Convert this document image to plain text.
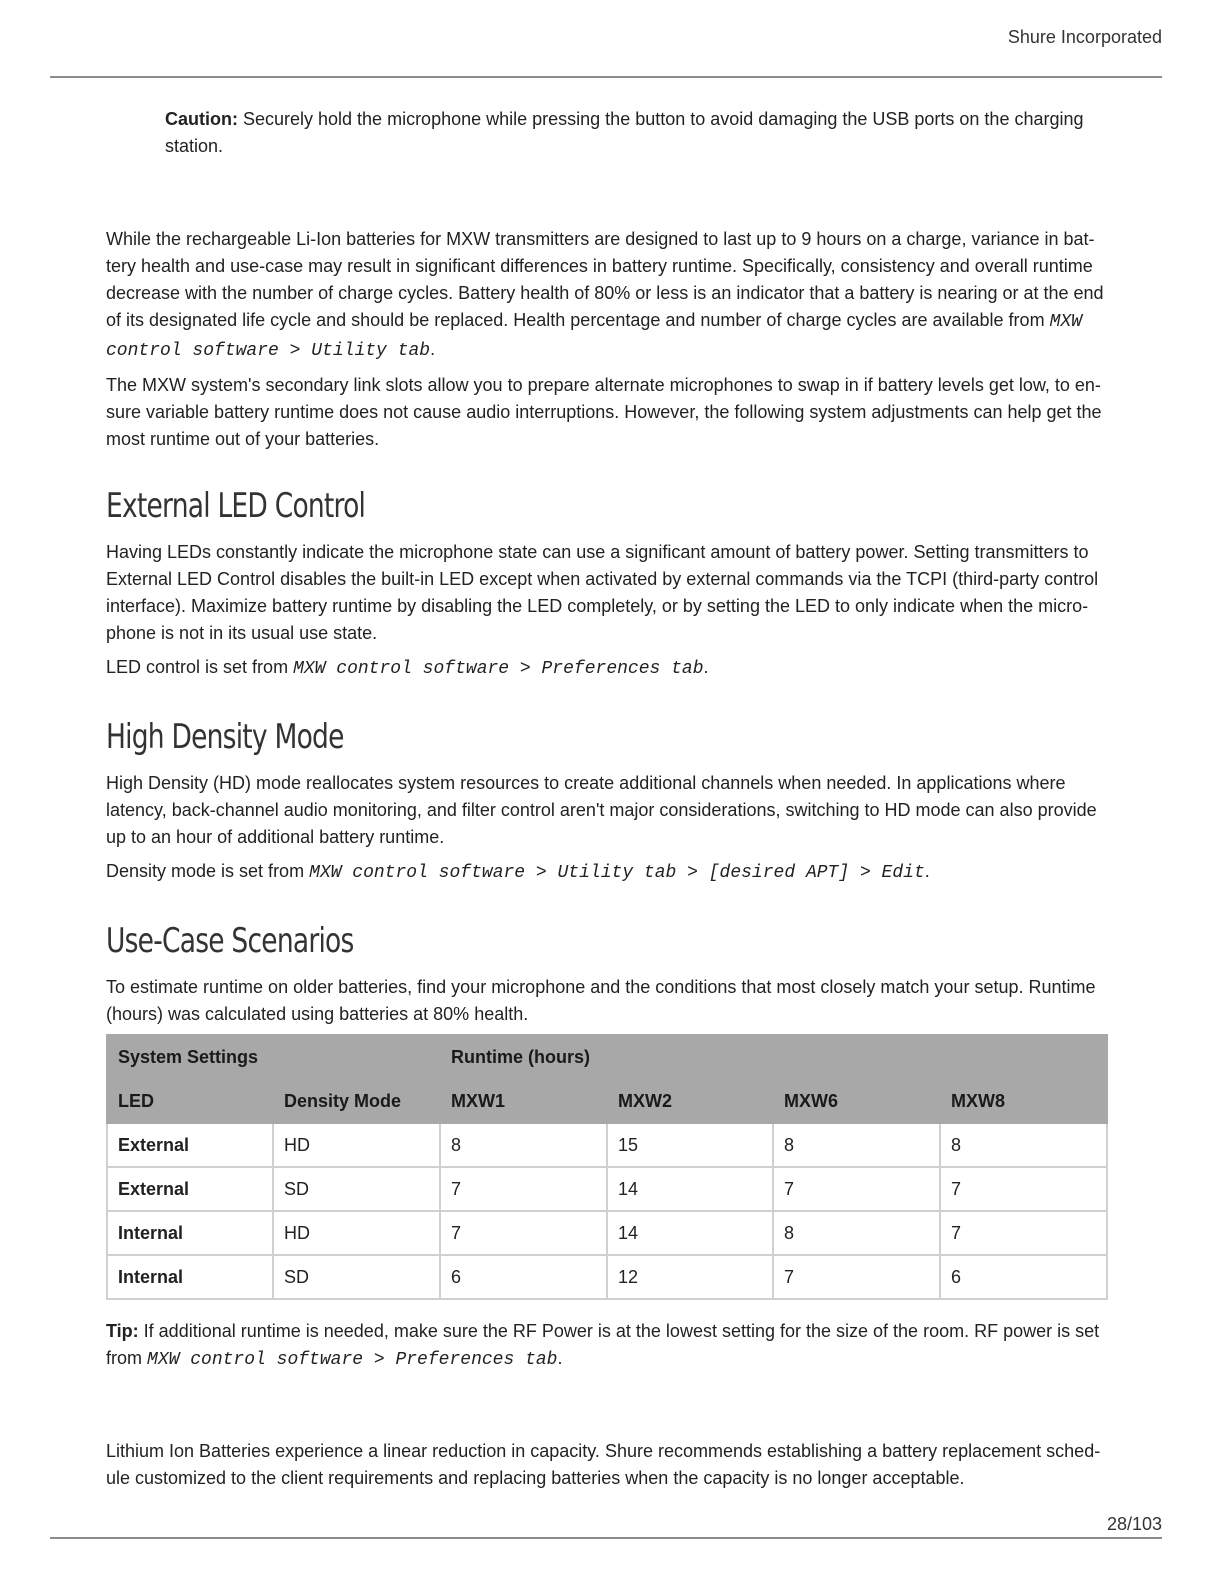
Shure Incorporated

Caution: Securely hold the microphone while pressing the button to avoid damaging the USB ports on the charging station.

While the rechargeable Li-Ion batteries for MXW transmitters are designed to last up to 9 hours on a charge, variance in battery health and use-case may result in significant differences in battery runtime. Specifically, consistency and overall runtime decrease with the number of charge cycles. Battery health of 80% or less is an indicator that a battery is nearing or at the end of its designated life cycle and should be replaced. Health percentage and number of charge cycles are available from MXW control software > Utility tab.

The MXW system's secondary link slots allow you to prepare alternate microphones to swap in if battery levels get low, to ensure variable battery runtime does not cause audio interruptions. However, the following system adjustments can help get the most runtime out of your batteries.

External LED Control

Having LEDs constantly indicate the microphone state can use a significant amount of battery power. Setting transmitters to External LED Control disables the built-in LED except when activated by external commands via the TCPI (third-party control interface). Maximize battery runtime by disabling the LED completely, or by setting the LED to only indicate when the microphone is not in its usual use state.

LED control is set from MXW control software > Preferences tab.

High Density Mode

High Density (HD) mode reallocates system resources to create additional channels when needed. In applications where latency, back-channel audio monitoring, and filter control aren't major considerations, switching to HD mode can also provide up to an hour of additional battery runtime.

Density mode is set from MXW control software > Utility tab > [desired APT] > Edit.

Use-Case Scenarios

To estimate runtime on older batteries, find your microphone and the conditions that most closely match your setup. Runtime (hours) was calculated using batteries at 80% health.

System Settings		Runtime (hours)			
LED	Density Mode	MXW1	MXW2	MXW6	MXW8
External	HD	8	15	8	8
External	SD	7	14	7	7
Internal	HD	7	14	8	7
Internal	SD	6	12	7	6

Tip: If additional runtime is needed, make sure the RF Power is at the lowest setting for the size of the room. RF power is set from MXW control software > Preferences tab.

Lithium Ion Batteries experience a linear reduction in capacity. Shure recommends establishing a battery replacement schedule customized to the client requirements and replacing batteries when the capacity is no longer acceptable.

28/103
